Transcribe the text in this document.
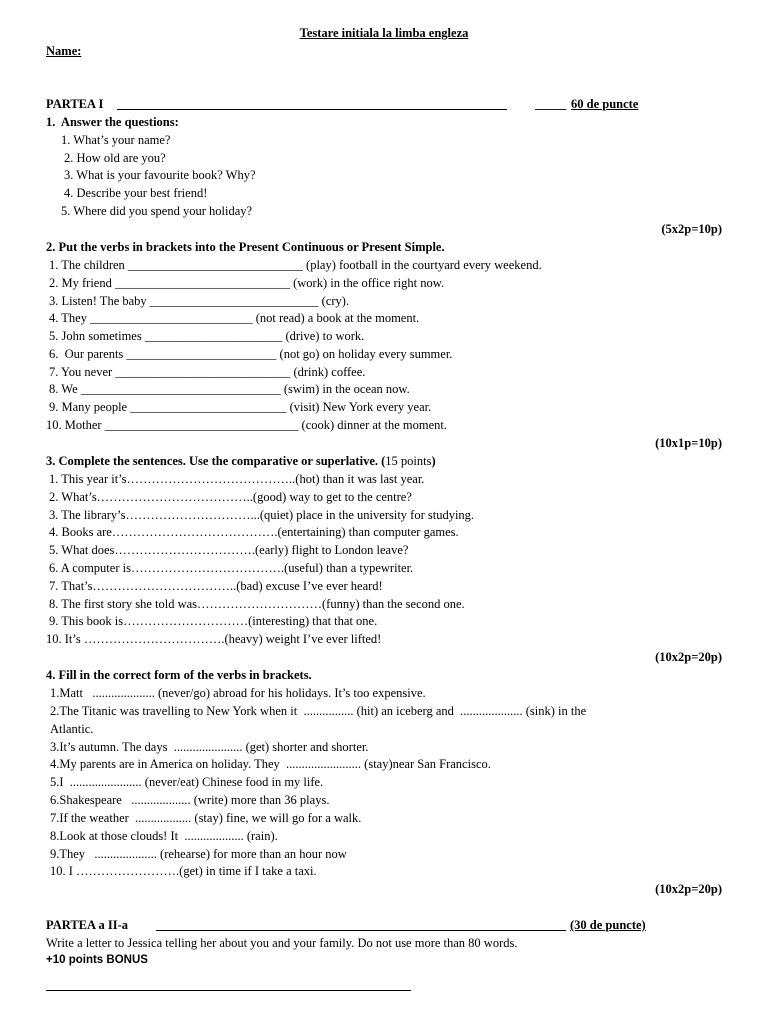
Testare initiala la limba engleza
Name:
PARTEA I	_____ 60 de puncte
1.  Answer the questions:
1. What’s your name?
2. How old are you?
3. What is your favourite book? Why?
4. Describe your best friend!
5. Where did you spend your holiday?
(5x2p=10p)
2. Put the verbs in brackets into the Present Continuous or Present Simple.
1. The children ____________________________ (play) football in the courtyard every weekend.
2. My friend ____________________________ (work) in the office right now.
3. Listen! The baby ___________________________ (cry).
4. They __________________________ (not read) a book at the moment.
5. John sometimes ______________________ (drive) to work.
6.  Our parents ________________________ (not go) on holiday every summer.
7. You never ____________________________ (drink) coffee.
8. We ________________________________ (swim) in the ocean now.
9. Many people _________________________ (visit) New York every year.
10. Mother _______________________________ (cook) dinner at the moment.
(10x1p=10p)
3. Complete the sentences. Use the comparative or superlative. (15 points)
1. This year it’s…………………………………..(hot) than it was last year.
2. What’s………………………………..(good) way to get to the centre?
3. The library’s…………………………...(quiet) place in the university for studying.
4. Books are………………………………….(entertaining) than computer games.
5. What does…………………………….(early) flight to London leave?
6. A computer is……………………………….(useful) than a typewriter.
7. That’s……………………………..(bad) excuse I’ve ever heard!
8. The first story she told was…………………………(funny) than the second one.
9. This book is…………………………(interesting) that that one.
10. It’s …………………………….(heavy) weight I’ve ever lifted!
(10x2p=20p)
4. Fill in the correct form of the verbs in brackets.
1.Matt   .................... (never/go) abroad for his holidays. It’s too expensive.
2.The Titanic was travelling to New York when it  ................ (hit) an iceberg and  .................... (sink) in the
Atlantic.
3.It’s autumn. The days  ...................... (get) shorter and shorter.
4.My parents are in America on holiday. They  ........................ (stay)near San Francisco.
5.I  ....................... (never/eat) Chinese food in my life.
6.Shakespeare   ................... (write) more than 36 plays.
7.If the weather  .................. (stay) fine, we will go for a walk.
8.Look at those clouds! It  ................... (rain).
9.They   .................... (rehearse) for more than an hour now
10. I …………………….(get) in time if I take a taxi.
(10x2p=20p)
PARTEA a II-a	(30 de puncte)
Write a letter to Jessica telling her about you and your family. Do not use more than 80 words.
+10 points BONUS
